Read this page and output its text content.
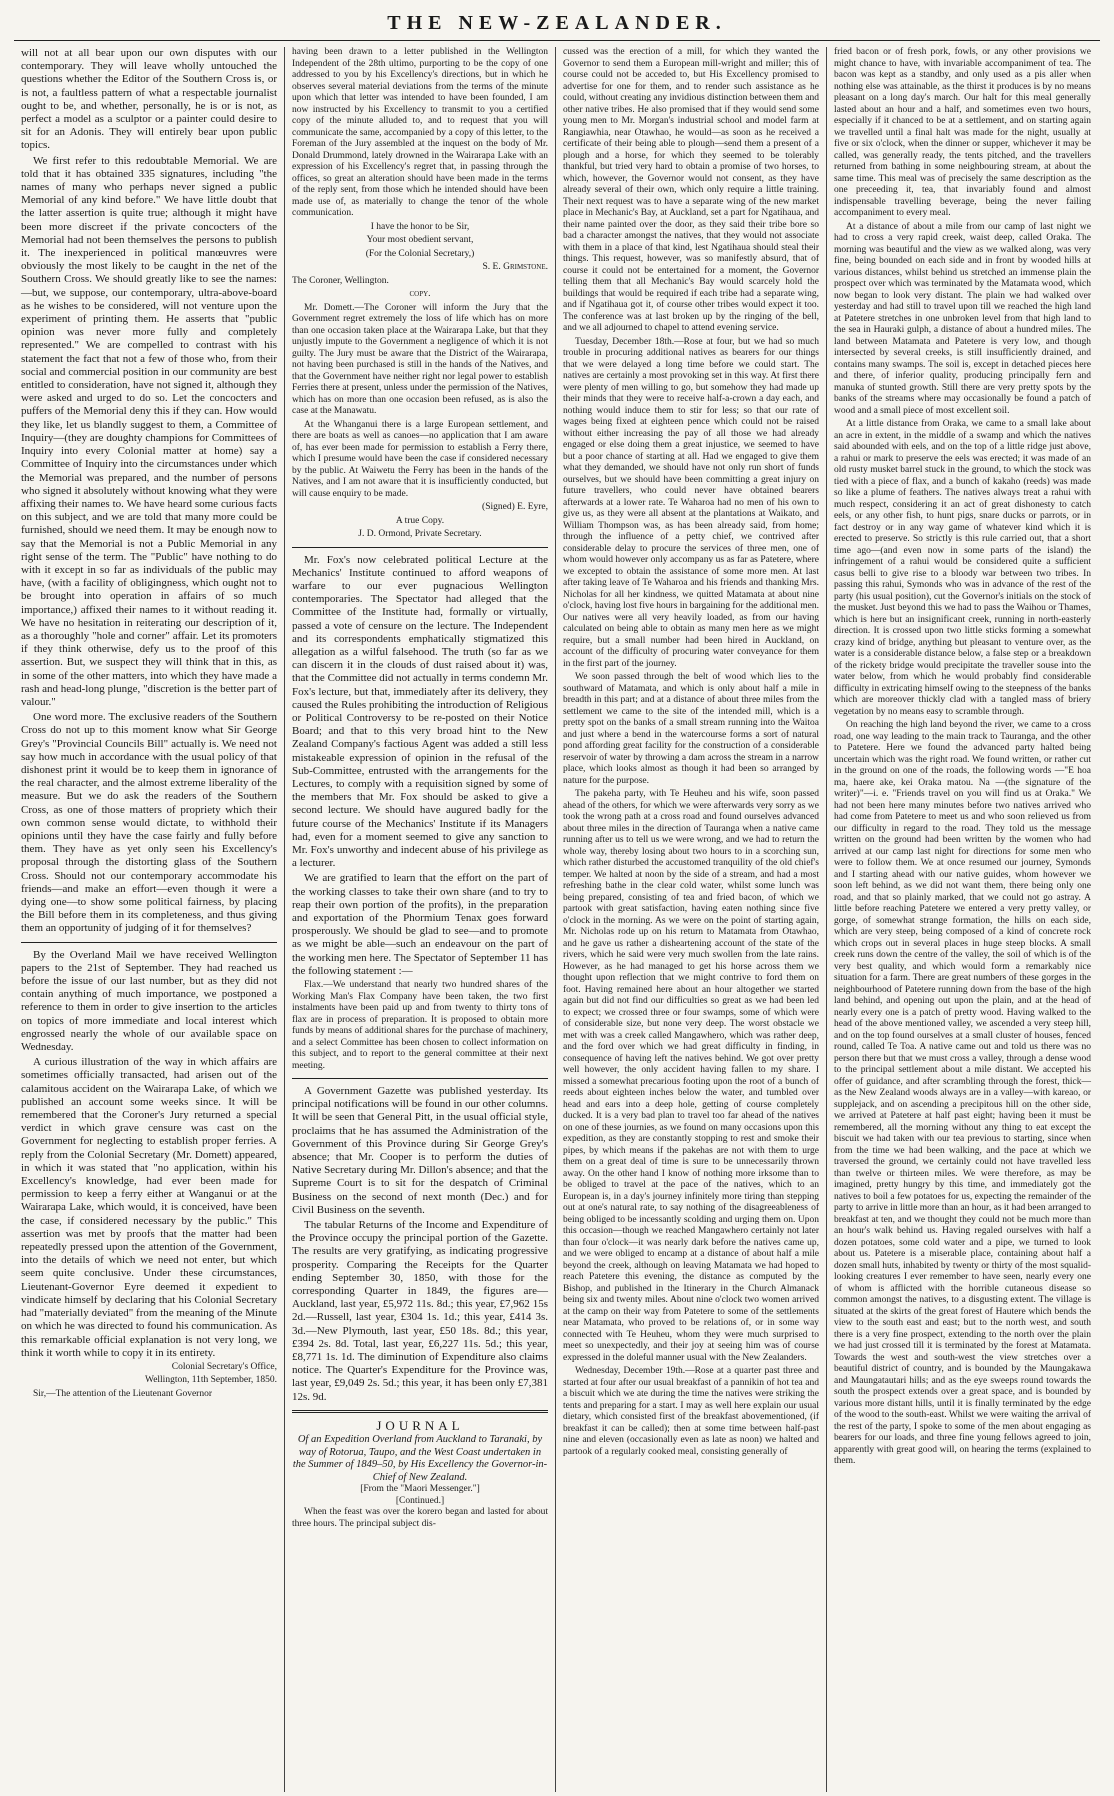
THE NEW-ZEALANDER.

will not at all bear upon our own disputes with our contemporary. They will leave wholly untouched the questions whether the Editor of the Southern Cross is, or is not, a faultless pattern of what a respectable journalist ought to be, and whether, personally, he is or is not, as perfect a model as a sculptor or a painter could desire to sit for an Adonis. They will entirely bear upon public topics.

We first refer to this redoubtable Memorial. We are told that it has obtained 335 signatures, including "the names of many who perhaps never signed a public Memorial of any kind before." We have little doubt that the latter assertion is quite true; although it might have been more discreet if the private concocters of the Memorial had not been themselves the persons to publish it. The inexperienced in political manœuvres were obviously the most likely to be caught in the net of the Southern Cross. We should greatly like to see the names:—but, we suppose, our contemporary, ultra-above-board as he wishes to be considered, will not venture upon the experiment of printing them. He asserts that "public opinion was never more fully and completely represented." We are compelled to contrast with his statement the fact that not a few of those who, from their social and commercial position in our community are best entitled to consideration, have not signed it, although they were asked and urged to do so. Let the concocters and puffers of the Memorial deny this if they can. How would they like, let us blandly suggest to them, a Committee of Inquiry—(they are doughty champions for Committees of Inquiry into every Colonial matter at home) say a Committee of Inquiry into the circumstances under which the Memorial was prepared, and the number of persons who signed it absolutely without knowing what they were affixing their names to. We have heard some curious facts on this subject, and we are told that many more could be furnished, should we need them. It may be enough now to say that the Memorial is not a Public Memorial in any right sense of the term. The "Public" have nothing to do with it except in so far as individuals of the public may have, (with a facility of obligingness, which ought not to be brought into operation in affairs of so much importance,) affixed their names to it without reading it. We have no hesitation in reiterating our description of it, as a thoroughly "hole and corner" affair. Let its promoters if they think otherwise, defy us to the proof of this assertion. But, we suspect they will think that in this, as in some of the other matters, into which they have made a rash and head-long plunge, "discretion is the better part of valour."

One word more. The exclusive readers of the Southern Cross do not up to this moment know what Sir George Grey's "Provincial Councils Bill" actually is. We need not say how much in accordance with the usual policy of that dishonest print it would be to keep them in ignorance of the real character, and the almost extreme liberality of the measure. But we do ask the readers of the Southern Cross, as one of those matters of propriety which their own common sense would dictate, to withhold their opinions until they have the case fairly and fully before them. They have as yet only seen his Excellency's proposal through the distorting glass of the Southern Cross. Should not our contemporary accommodate his friends—and make an effort—even though it were a dying one—to show some political fairness, by placing the Bill before them in its completeness, and thus giving them an opportunity of judging of it for themselves?

By the Overland Mail we have received Wellington papers to the 21st of September. They had reached us before the issue of our last number, but as they did not contain anything of much importance, we postponed a reference to them in order to give insertion to the articles on topics of more immediate and local interest which engrossed nearly the whole of our available space on Wednesday.

A curious illustration of the way in which affairs are sometimes officially transacted, had arisen out of the calamitous accident on the Wairarapa Lake, of which we published an account some weeks since. It will be remembered that the Coroner's Jury returned a special verdict in which grave censure was cast on the Government for neglecting to establish proper ferries. A reply from the Colonial Secretary (Mr. Domett) appeared, in which it was stated that "no application, within his Excellency's knowledge, had ever been made for permission to keep a ferry either at Wanganui or at the Wairarapa Lake, which would, it is conceived, have been the case, if considered necessary by the public." This assertion was met by proofs that the matter had been repeatedly pressed upon the attention of the Government, into the details of which we need not enter, but which seem quite conclusive. Under these circumstances, Lieutenant-Governor Eyre deemed it expedient to vindicate himself by declaring that his Colonial Secretary had "materially deviated" from the meaning of the Minute on which he was directed to found his communication. As this remarkable official explanation is not very long, we think it worth while to copy it in its entirety.

Colonial Secretary's Office,

Wellington, 11th September, 1850.

Sir,—The attention of the Lieutenant Governor

having been drawn to a letter published in the Wellington Independent of the 28th ultimo, purporting to be the copy of one addressed to you by his Excellency's directions, but in which he observes several material deviations from the terms of the minute upon which that letter was intended to have been founded, I am now instructed by his Excellency to transmit to you a certified copy of the minute alluded to, and to request that you will communicate the same, accompanied by a copy of this letter, to the Foreman of the Jury assembled at the inquest on the body of Mr. Donald Drummond, lately drowned in the Wairarapa Lake with an expression of his Excellency's regret that, in passing through the offices, so great an alteration should have been made in the terms of the reply sent, from those which he intended should have been made use of, as materially to change the tenor of the whole communication.

I have the honor to be Sir,

Your most obedient servant,

(For the Colonial Secretary,)

S. E. Grimstone.

The Coroner, Wellington.

copy.

Mr. Domett.—The Coroner will inform the Jury that the Government regret extremely the loss of life which has on more than one occasion taken place at the Wairarapa Lake, but that they unjustly impute to the Government a negligence of which it is not guilty. The Jury must be aware that the District of the Wairarapa, not having been purchased is still in the hands of the Natives, and that the Government have neither right nor legal power to establish Ferries there at present, unless under the permission of the Natives, which has on more than one occasion been refused, as is also the case at the Manawatu.

At the Whanganui there is a large European settlement, and there are boats as well as canoes—no application that I am aware of, has ever been made for permission to establish a Ferry there, which I presume would have been the case if considered necessary by the public. At Waiwetu the Ferry has been in the hands of the Natives, and I am not aware that it is insufficiently conducted, but will cause enquiry to be made.

(Signed) E. Eyre,

A true Copy.

J. D. Ormond, Private Secretary.

Mr. Fox's now celebrated political Lecture at the Mechanics' Institute continued to afford weapons of warfare to our ever pugnacious Wellington contemporaries. The Spectator had alleged that the Committee of the Institute had, formally or virtually, passed a vote of censure on the lecture. The Independent and its correspondents emphatically stigmatized this allegation as a wilful falsehood. The truth (so far as we can discern it in the clouds of dust raised about it) was, that the Committee did not actually in terms condemn Mr. Fox's lecture, but that, immediately after its delivery, they caused the Rules prohibiting the introduction of Religious or Political Controversy to be re-posted on their Notice Board; and that to this very broad hint to the New Zealand Company's factious Agent was added a still less mistakeable expression of opinion in the refusal of the Sub-Committee, entrusted with the arrangements for the Lectures, to comply with a requisition signed by some of the members that Mr. Fox should be asked to give a second lecture. We should have augured badly for the future course of the Mechanics' Institute if its Managers had, even for a moment seemed to give any sanction to Mr. Fox's unworthy and indecent abuse of his privilege as a lecturer.

We are gratified to learn that the effort on the part of the working classes to take their own share (and to try to reap their own portion of the profits), in the preparation and exportation of the Phormium Tenax goes forward prosperously. We should be glad to see—and to promote as we might be able—such an endeavour on the part of the working men here. The Spectator of September 11 has the following statement :—

Flax.—We understand that nearly two hundred shares of the Working Man's Flax Company have been taken, the two first instalments have been paid up and from twenty to thirty tons of flax are in process of preparation. It is proposed to obtain more funds by means of additional shares for the purchase of machinery, and a select Committee has been chosen to collect information on this subject, and to report to the general committee at their next meeting.

A Government Gazette was published yesterday. Its principal notifications will be found in our other columns. It will be seen that General Pitt, in the usual official style, proclaims that he has assumed the Administration of the Government of this Province during Sir George Grey's absence; that Mr. Cooper is to perform the duties of Native Secretary during Mr. Dillon's absence; and that the Supreme Court is to sit for the despatch of Criminal Business on the second of next month (Dec.) and for Civil Business on the seventh.

The tabular Returns of the Income and Expenditure of the Province occupy the principal portion of the Gazette. The results are very gratifying, as indicating progressive prosperity. Comparing the Receipts for the Quarter ending September 30, 1850, with those for the corresponding Quarter in 1849, the figures are—Auckland, last year, £5,972 11s. 8d.; this year, £7,962 15s 2d.—Russell, last year, £304 1s. 1d.; this year, £414 3s. 3d.—New Plymouth, last year, £50 18s. 8d.; this year, £394 2s. 8d. Total, last year, £6,227 11s. 5d.; this year, £8,771 1s. 1d. The diminution of Expenditure also claims notice. The Quarter's Expenditure for the Province was, last year, £9,049 2s. 5d.; this year, it has been only £7,381 12s. 9d.

JOURNAL
Of an Expedition Overland from Auckland to Taranaki, by way of Rotorua, Taupo, and the West Coast undertaken in the Summer of 1849–50, by His Excellency the Governor-in-Chief of New Zealand.
[From the "Maori Messenger."]
[Continued.]

When the feast was over the korero began and lasted for about three hours. The principal subject dis-

cussed was the erection of a mill, for which they wanted the Governor to send them a European mill-wright and miller; this of course could not be acceded to, but His Excellency promised to advertise for one for them, and to render such assistance as he could, without creating any invidious distinction between them and other native tribes. He also promised that if they would send some young men to Mr. Morgan's industrial school and model farm at Rangiawhia, near Otawhao, he would—as soon as he received a certificate of their being able to plough—send them a present of a plough and a horse, for which they seemed to be tolerably thankful, but tried very hard to obtain a promise of two horses, to which, however, the Governor would not consent, as they have already several of their own, which only require a little training. Their next request was to have a separate wing of the new market place in Mechanic's Bay, at Auckland, set a part for Ngatihaua, and their name painted over the door, as they said their tribe bore so bad a character amongst the natives, that they would not associate with them in a place of that kind, lest Ngatihaua should steal their things. This request, however, was so manifestly absurd, that of course it could not be entertained for a moment, the Governor telling them that all Mechanic's Bay would scarcely hold the buildings that would be required if each tribe had a separate wing, and if Ngatihaua got it, of course other tribes would expect it too. The conference was at last broken up by the ringing of the bell, and we all adjourned to chapel to attend evening service.

Tuesday, December 18th.—Rose at four, but we had so much trouble in procuring additional natives as bearers for our things that we were delayed a long time before we could start. The natives are certainly a most provoking set in this way. At first there were plenty of men willing to go, but somehow they had made up their minds that they were to receive half-a-crown a day each, and nothing would induce them to stir for less; so that our rate of wages being fixed at eighteen pence which could not be raised without either increasing the pay of all those we had already engaged or else doing them a great injustice, we seemed to have but a poor chance of starting at all. Had we engaged to give them what they demanded, we should have not only run short of funds ourselves, but we should have been committing a great injury on future travellers, who could never have obtained bearers afterwards at a lower rate. Te Waharoa had no men of his own to give us, as they were all absent at the plantations at Waikato, and William Thompson was, as has been already said, from home; through the influence of a petty chief, we contrived after considerable delay to procure the services of three men, one of whom would however only accompany us as far as Patetere, where we excepted to obtain the assistance of some more men. At last after taking leave of Te Waharoa and his friends and thanking Mrs. Nicholas for all her kindness, we quitted Matamata at about nine o'clock, having lost five hours in bargaining for the additional men. Our natives were all very heavily loaded, as from our having calculated on being able to obtain as many men here as we might require, but a small number had been hired in Auckland, on account of the difficulty of procuring water conveyance for them in the first part of the journey.

We soon passed through the belt of wood which lies to the southward of Matamata, and which is only about half a mile in breadth in this part; and at a distance of about three miles from the settlement we came to the site of the intended mill, which is a pretty spot on the banks of a small stream running into the Waitoa and just where a bend in the watercourse forms a sort of natural pond affording great facility for the construction of a considerable reservoir of water by throwing a dam across the stream in a narrow place, which looks almost as though it had been so arranged by nature for the purpose.

The pakeha party, with Te Heuheu and his wife, soon passed ahead of the others, for which we were afterwards very sorry as we took the wrong path at a cross road and found ourselves advanced about three miles in the direction of Tauranga when a native came running after us to tell us we were wrong, and we had to return the whole way, thereby losing about two hours to in a scorching sun, which rather disturbed the accustomed tranquility of the old chief's temper. We halted at noon by the side of a stream, and had a most refreshing bathe in the clear cold water, whilst some lunch was being prepared, consisting of tea and fried bacon, of which we partook with great satisfaction, having eaten nothing since five o'clock in the morning. As we were on the point of starting again, Mr. Nicholas rode up on his return to Matamata from Otawhao, and he gave us rather a disheartening account of the state of the rivers, which he said were very much swollen from the late rains. However, as he had managed to get his horse across them we thought upon reflection that we might contrive to ford them on foot. Having remained here about an hour altogether we started again but did not find our difficulties so great as we had been led to expect; we crossed three or four swamps, some of which were of considerable size, but none very deep. The worst obstacle we met with was a creek called Mangawhero, which was rather deep, and the ford over which we had great difficulty in finding, in consequence of having left the natives behind. We got over pretty well however, the only accident having fallen to my share. I missed a somewhat precarious footing upon the root of a bunch of reeds about eighteen inches below the water, and tumbled over head and ears into a deep hole, getting of course completely ducked. It is a very bad plan to travel too far ahead of the natives on one of these journies, as we found on many occasions upon this expedition, as they are constantly stopping to rest and smoke their pipes, by which means if the pakehas are not with them to urge them on a great deal of time is sure to be unnecessarily thrown away. On the other hand I know of nothing more irksome than to be obliged to travel at the pace of the natives, which to an European is, in a day's journey infinitely more tiring than stepping out at one's natural rate, to say nothing of the disagreeableness of being obliged to be incessantly scolding and urging them on. Upon this occasion—though we reached Mangawhero certainly not later than four o'clock—it was nearly dark before the natives came up, and we were obliged to encamp at a distance of about half a mile beyond the creek, although on leaving Matamata we had hoped to reach Patetere this evening, the distance as computed by the Bishop, and published in the Itinerary in the Church Almanack being six and twenty miles. About nine o'clock two women arrived at the camp on their way from Patetere to some of the settlements near Matamata, who proved to be relations of, or in some way connected with Te Heuheu, whom they were much surprised to meet so unexpectedly, and their joy at seeing him was of course expressed in the doleful manner usual with the New Zealanders.

Wednesday, December 19th.—Rose at a quarter past three and started at four after our usual breakfast of a pannikin of hot tea and a biscuit which we ate during the time the natives were striking the tents and preparing for a start. I may as well here explain our usual dietary, which consisted first of the breakfast abovementioned, (if breakfast it can be called); then at some time between half-past nine and eleven (occasionally even as late as noon) we halted and partook of a regularly cooked meal, consisting generally of

fried bacon or of fresh pork, fowls, or any other provisions we might chance to have, with invariable accompaniment of tea. The bacon was kept as a standby, and only used as a pis aller when nothing else was attainable, as the thirst it produces is by no means pleasant on a long day's march. Our halt for this meal generally lasted about an hour and a half, and sometimes even two hours, especially if it chanced to be at a settlement, and on starting again we travelled until a final halt was made for the night, usually at five or six o'clock, when the dinner or supper, whichever it may be called, was generally ready, the tents pitched, and the travellers returned from bathing in some neighbouring stream, at about the same time. This meal was of precisely the same description as the one preceeding it, tea, that invariably found and almost indispensable travelling beverage, being the never failing accompaniment to every meal.

At a distance of about a mile from our camp of last night we had to cross a very rapid creek, waist deep, called Oraka. The morning was beautiful and the view as we walked along, was very fine, being bounded on each side and in front by wooded hills at various distances, whilst behind us stretched an immense plain the prospect over which was terminated by the Matamata wood, which now began to look very distant. The plain we had walked over yesterday and had still to travel upon till we reached the high land at Patetere stretches in one unbroken level from that high land to the sea in Hauraki gulph, a distance of about a hundred miles. The land between Matamata and Patetere is very low, and though intersected by several creeks, is still insufficiently drained, and contains many swamps. The soil is, except in detached pieces here and there, of inferior quality, producing principally fern and manuka of stunted growth. Still there are very pretty spots by the banks of the streams where may occasionally be found a patch of wood and a small piece of most excellent soil.

At a little distance from Oraka, we came to a small lake about an acre in extent, in the middle of a swamp and which the natives said abounded with eels, and on the top of a little ridge just above, a rahui or mark to preserve the eels was erected; it was made of an old rusty musket barrel stuck in the ground, to which the stock was tied with a piece of flax, and a bunch of kakaho (reeds) was made so like a plume of feathers. The natives always treat a rahui with much respect, considering it an act of great dishonesty to catch eels, or any other fish, to hunt pigs, snare ducks or parrots, or in fact destroy or in any way game of whatever kind which it is erected to preserve. So strictly is this rule carried out, that a short time ago—(and even now in some parts of the island) the infringement of a rahui would be considered quite a sufficient casus belli to give rise to a bloody war between two tribes. In passing this rahui, Symonds who was in advance of the rest of the party (his usual position), cut the Governor's initials on the stock of the musket. Just beyond this we had to pass the Waihou or Thames, which is here but an insignificant creek, running in north-easterly direction. It is crossed upon two little sticks forming a somewhat crazy kind of bridge, anything but pleasant to venture over, as the water is a considerable distance below, a false step or a breakdown of the rickety bridge would precipitate the traveller souse into the water below, from which he would probably find considerable difficulty in extricating himself owing to the steepness of the banks which are moreover thickly clad with a tangled mass of briery vegetation by no means easy to scramble through.

On reaching the high land beyond the river, we came to a cross road, one way leading to the main track to Tauranga, and the other to Patetere. Here we found the advanced party halted being uncertain which was the right road. We found written, or rather cut in the ground on one of the roads, the following words —"E hoa ma, haere ake, kei Oraka matou. Na —(the signature of the writer)"—i. e. "Friends travel on you will find us at Oraka." We had not been here many minutes before two natives arrived who had come from Patetere to meet us and who soon relieved us from our difficulty in regard to the road. They told us the message written on the ground had been written by the women who had arrived at our camp last night for directions for some men who were to follow them. We at once resumed our journey, Symonds and I starting ahead with our native guides, whom however we soon left behind, as we did not want them, there being only one road, and that so plainly marked, that we could not go astray. A little before reaching Patetere we entered a very pretty valley, or gorge, of somewhat strange formation, the hills on each side, which are very steep, being composed of a kind of concrete rock which crops out in several places in huge steep blocks. A small creek runs down the centre of the valley, the soil of which is of the very best quality, and which would form a remarkably nice situation for a farm. There are great numbers of these gorges in the neighbourhood of Patetere running down from the base of the high land behind, and opening out upon the plain, and at the head of nearly every one is a patch of pretty wood. Having walked to the head of the above mentioned valley, we ascended a very steep hill, and on the top found ourselves at a small cluster of houses, fenced round, called Te Toa. A native came out and told us there was no person there but that we must cross a valley, through a dense wood to the principal settlement about a mile distant. We accepted his offer of guidance, and after scrambling through the forest, thick—as the New Zealand woods always are in a valley—with kareao, or supplejack, and on ascending a precipitous hill on the other side, we arrived at Patetere at half past eight; having been it must be remembered, all the morning without any thing to eat except the biscuit we had taken with our tea previous to starting, since when from the time we had been walking, and the pace at which we traversed the ground, we certainly could not have travelled less than twelve or thirteen miles. We were therefore, as may be imagined, pretty hungry by this time, and immediately got the natives to boil a few potatoes for us, expecting the remainder of the party to arrive in little more than an hour, as it had been arranged to breakfast at ten, and we thought they could not be much more than an hour's walk behind us. Having regaled ourselves with half a dozen potatoes, some cold water and a pipe, we turned to look about us. Patetere is a miserable place, containing about half a dozen small huts, inhabited by twenty or thirty of the most squalid-looking creatures I ever remember to have seen, nearly every one of whom is afflicted with the horrible cutaneous disease so common amongst the natives, to a disgusting extent. The village is situated at the skirts of the great forest of Hautere which bends the view to the south east and east; but to the north west, and south there is a very fine prospect, extending to the north over the plain we had just crossed till it is terminated by the forest at Matamata. Towards the west and south-west the view stretches over a beautiful district of country, and is bounded by the Maungakawa and Maungatautari hills; and as the eye sweeps round towards the south the prospect extends over a great space, and is bounded by various more distant hills, until it is finally terminated by the edge of the wood to the south-east. Whilst we were waiting the arrival of the rest of the party, I spoke to some of the men about engaging as bearers for our loads, and three fine young fellows agreed to join, apparently with great good will, on hearing the terms (explained to them.
